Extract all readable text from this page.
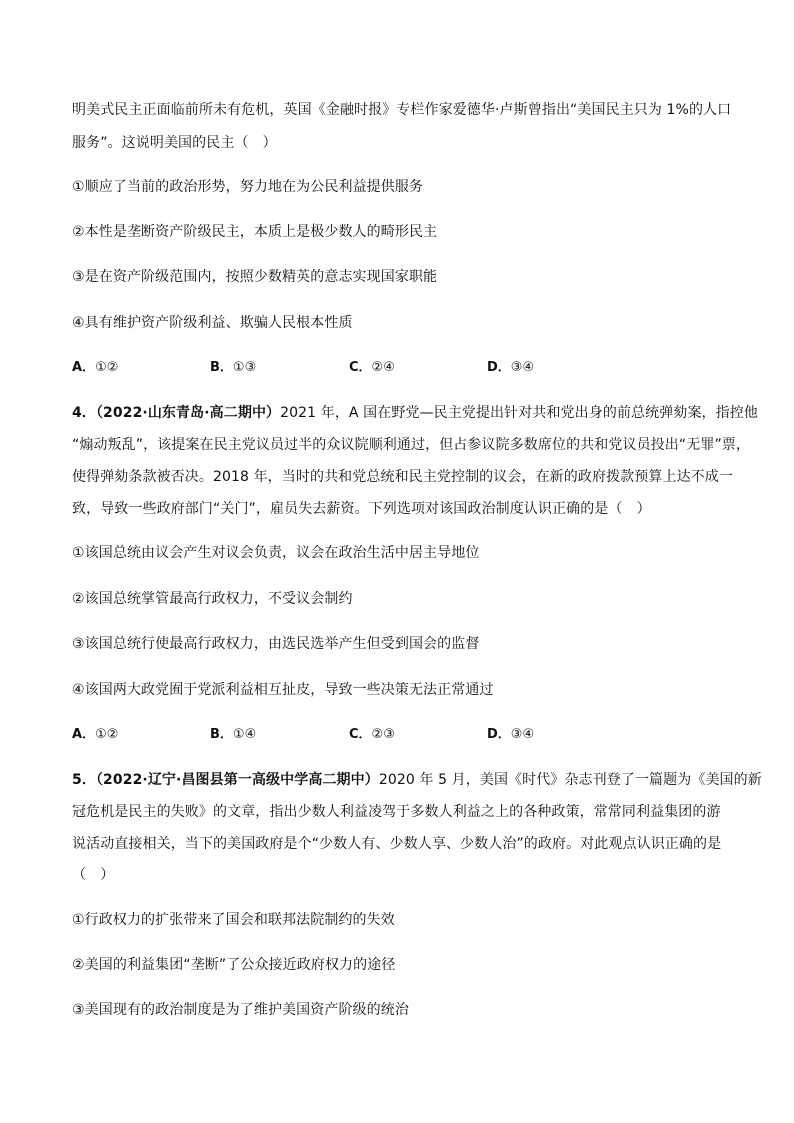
明美式民主正面临前所未有危机，英国《金融时报》专栏作家爱德华·卢斯曾指出“美国民主只为 1%的人口
服务”。这说明美国的民主（　）
①顺应了当前的政治形势，努力地在为公民利益提供服务
②本性是垄断资产阶级民主，本质上是极少数人的畸形民主
③是在资产阶级范围内，按照少数精英的意志实现国家职能
④具有维护资产阶级利益、欺骗人民根本性质
A．①②	B．①③	C．②④	D．③④
4．（2022·山东青岛·高二期中）2021 年，A 国在野党—民主党提出针对共和党出身的前总统弹劾案，指控他
“煽动叛乱”，该提案在民主党议员过半的众议院顺利通过，但占参议院多数席位的共和党议员投出“无罪”票，
使得弹劾条款被否决。2018 年，当时的共和党总统和民主党控制的议会，在新的政府拨款预算上达不成一
致，导致一些政府部门“关门”，雇员失去薪资。下列选项对该国政治制度认识正确的是（　）
①该国总统由议会产生对议会负责，议会在政治生活中居主导地位
②该国总统掌管最高行政权力，不受议会制约
③该国总统行使最高行政权力，由选民选举产生但受到国会的监督
④该国两大政党囿于党派利益相互扯皮，导致一些决策无法正常通过
A．①②	B．①④	C．②③	D．③④
5．（2022·辽宁·昌图县第一高级中学高二期中）2020 年 5 月，美国《时代》杂志刊登了一篇题为《美国的新
冠危机是民主的失败》的文章，指出少数人利益凌驾于多数人利益之上的各种政策，常常同利益集团的游
说活动直接相关，当下的美国政府是个“少数人有、少数人享、少数人治”的政府。对此观点认识正确的是
（　）
①行政权力的扩张带来了国会和联邦法院制约的失效
②美国的利益集团“垄断”了公众接近政府权力的途径
③美国现有的政治制度是为了维护美国资产阶级的统治
